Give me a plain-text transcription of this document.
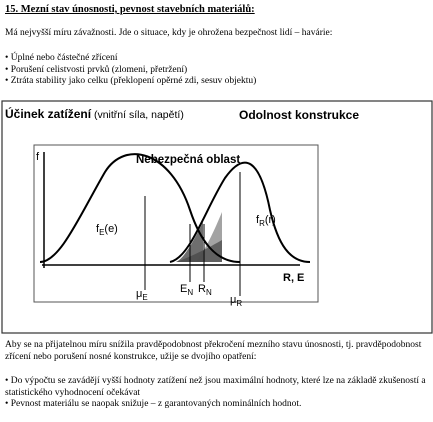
15. Mezní stav únosnosti, pevnost stavebních materiálů:
Má nejvyšší míru závažnosti. Jde o situace, kdy je ohrožena bezpečnost lidí – havárie:
• Úplné nebo částečné zřícení
• Porušení celistvosti prvků (zlomeni, přetržení)
• Ztráta stability jako celku (překlopení opěrné zdi, sesuv objektu)
Účinek zatížení (vnitřní síla, napětí)	Odolnost konstrukce
Nebezpečná oblast
f
R, E
$f_E(e)$
$f_R(r)$
$\mu_E$
$E_N$ $R_N$
$\mu_R$
Aby se na přijatelnou míru snížila pravděpodobnost překročení mezního stavu únosnosti, tj. pravděpodobnost zřícení nebo porušení nosné konstrukce, užije se dvojího opatření:
• Do výpočtu se zavádějí vyšší hodnoty zatížení než jsou maximální hodnoty, které lze na základě zkušeností a statistického vyhodnocení očekávat
• Pevnost materiálu se naopak snižuje – z garantovaných nominálních hodnot.
